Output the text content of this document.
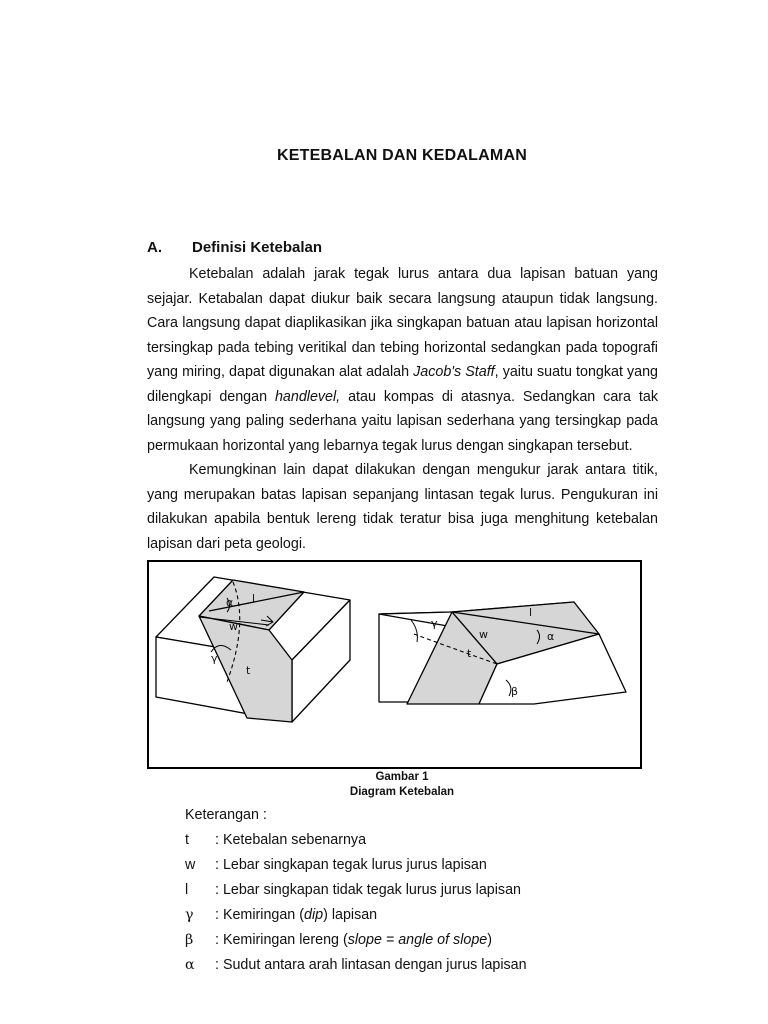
KETEBALAN DAN KEDALAMAN
A. Definisi Ketebalan
Ketebalan adalah jarak tegak lurus antara dua lapisan batuan yang sejajar. Ketabalan dapat diukur baik secara langsung ataupun tidak langsung. Cara langsung dapat diaplikasikan jika singkapan batuan atau lapisan horizontal tersingkap pada tebing veritikal dan tebing horizontal sedangkan pada topografi yang miring, dapat digunakan alat adalah Jacob's Staff, yaitu suatu tongkat yang dilengkapi dengan handlevel, atau kompas di atasnya. Sedangkan cara tak langsung yang paling sederhana yaitu lapisan sederhana yang tersingkap pada permukaan horizontal yang lebarnya tegak lurus dengan singkapan tersebut.
Kemungkinan lain dapat dilakukan dengan mengukur jarak antara titik, yang merupakan batas lapisan sepanjang lintasan tegak lurus. Pengukuran ini dilakukan apabila bentuk lereng tidak teratur bisa juga menghitung ketebalan lapisan dari peta geologi.
α l
w
γ
t
l
α
w
γ
t
β
Gambar 1
Diagram Ketebalan
Keterangan :
t : Ketebalan sebenarnya
w : Lebar singkapan tegak lurus jurus lapisan
l : Lebar singkapan tidak tegak lurus jurus lapisan
γ : Kemiringan (dip) lapisan
β : Kemiringan lereng (slope = angle of slope)
α : Sudut antara arah lintasan dengan jurus lapisan
